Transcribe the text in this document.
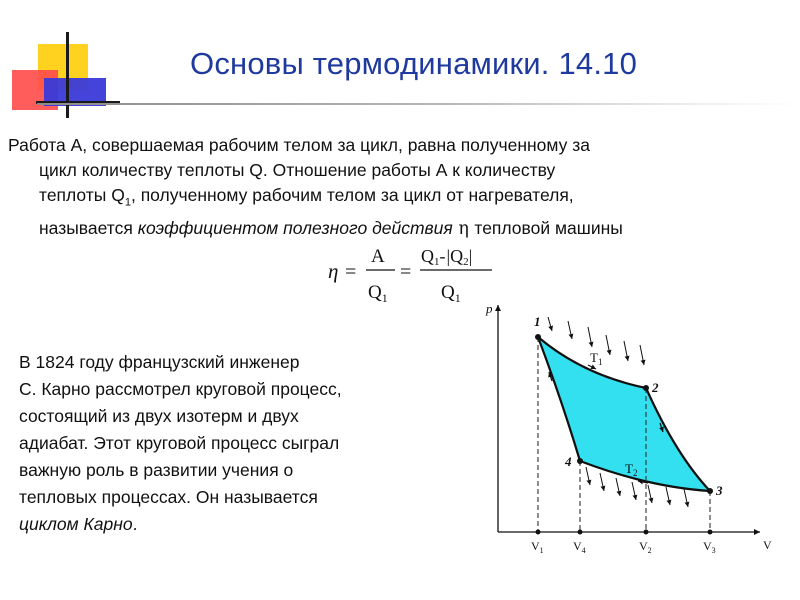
Основы термодинамики. 14.10
Работа А, совершаемая рабочим телом за цикл, равна полученному за
цикл количеству теплоты Q. Отношение работы А к количеству
теплоты $Q_1$, полученному рабочим телом за цикл от нагревателя,
называется коэффициентом полезного действия η тепловой машины
η =
A
$Q_1$
=
Q1-|Q2|
$Q_1$
В 1824 году французский инженер
С. Карно рассмотрел круговой процесс,
состоящий из двух изотерм и двух
адиабат. Этот круговой процесс сыграл
важную роль в развитии учения о
тепловых процессах. Он называется
циклом Карно.
p
V
1
2
3
4
$T_1$
$T_2$
$V_1$ $V_4$	$V_2$	$V_3$
